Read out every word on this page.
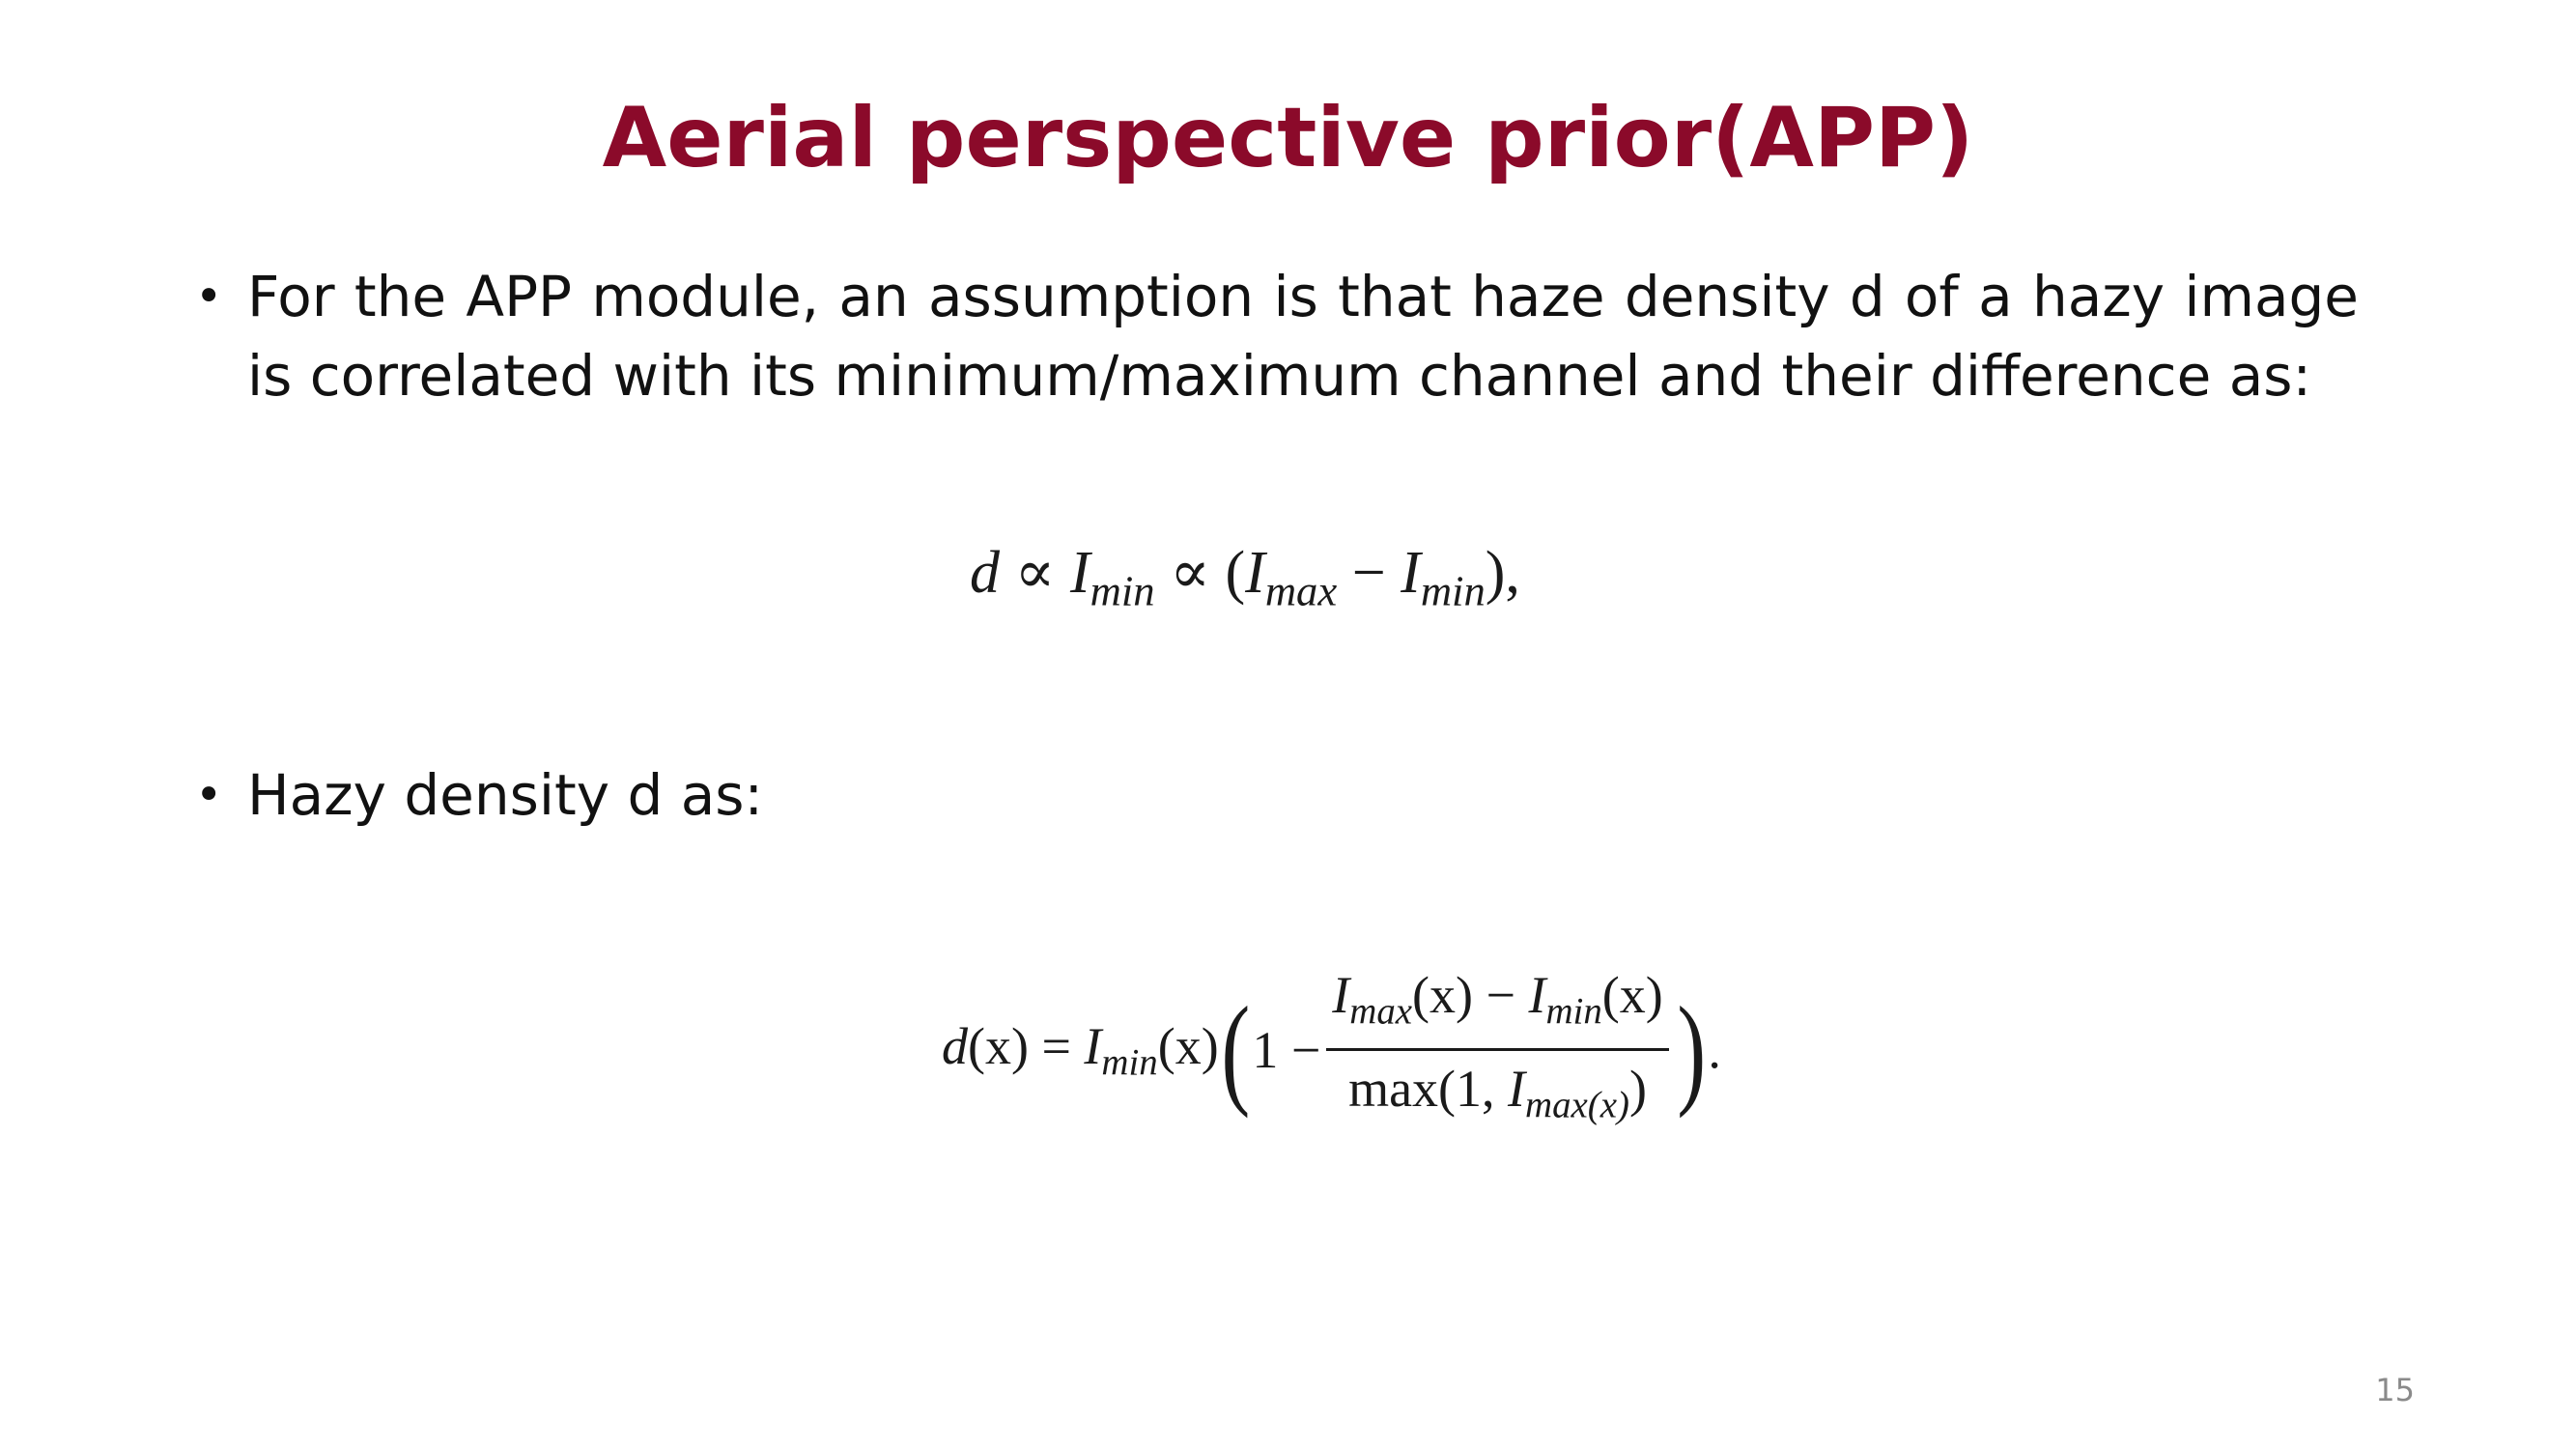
Aerial perspective prior(APP)
• For the APP module, an assumption is that haze density d of a hazy image is correlated with its minimum/maximum channel and their difference as:
$d \propto I_{min} \propto (I_{max} - I_{min})$,
• Hazy density d as:
$d(x) = I_{min}(x)$ ( $1 - \frac{I_{max}(x) - I_{min}(x)}{\max(1, I_{max(x)})}$ ) .
15
